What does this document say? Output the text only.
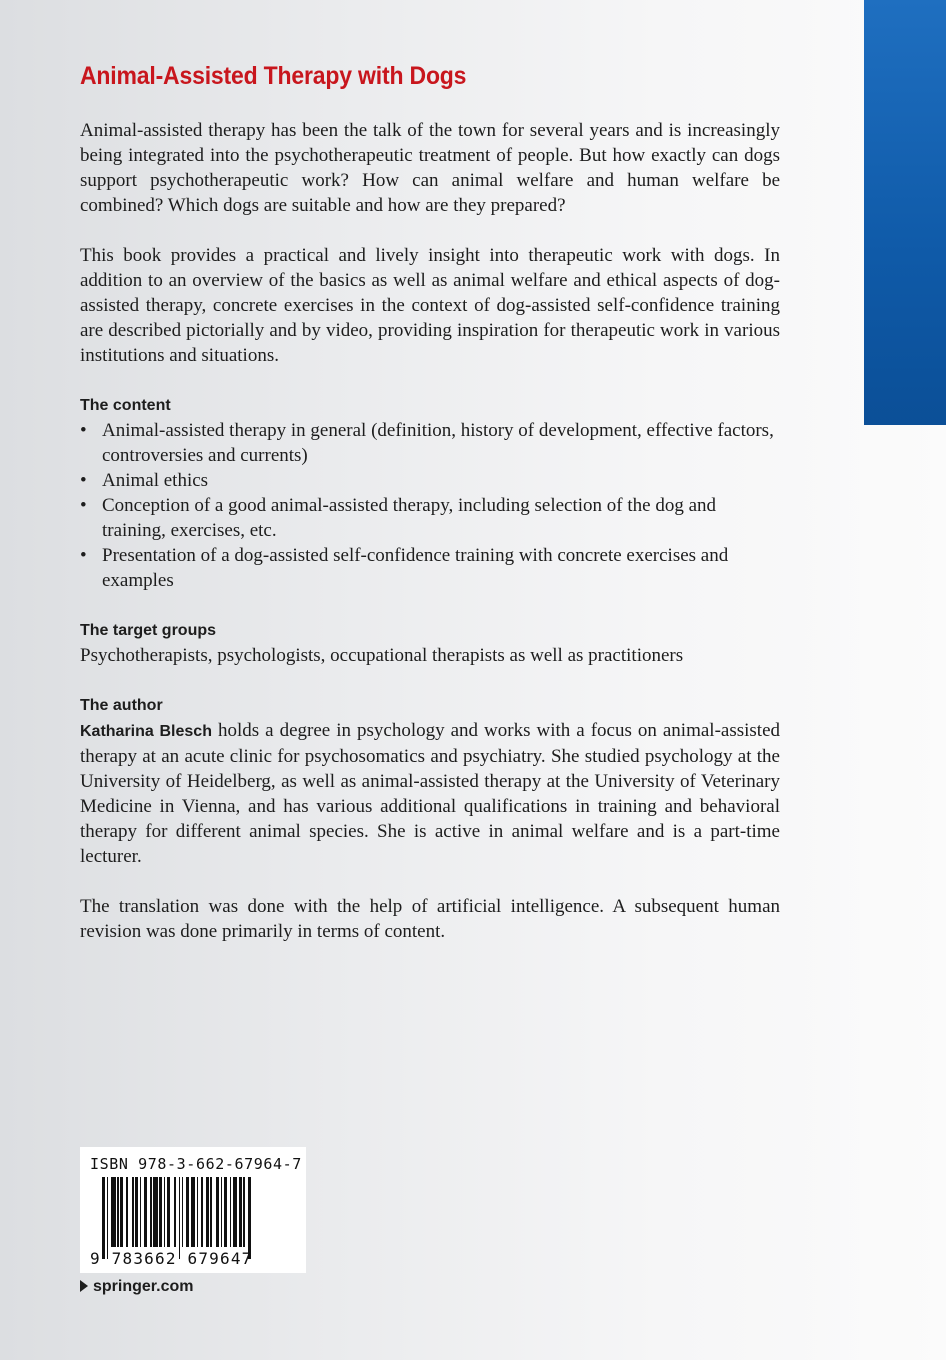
Animal-Assisted Therapy with Dogs

Animal-assisted therapy has been the talk of the town for several years and is increasingly being integrated into the psychotherapeutic treatment of people. But how exactly can dogs support psychotherapeutic work? How can animal welfare and human welfare be combined? Which dogs are suitable and how are they prepared?

This book provides a practical and lively insight into therapeutic work with dogs. In addition to an overview of the basics as well as animal welfare and ethical aspects of dog-assisted therapy, concrete exercises in the context of dog-assisted self-confidence training are described pictorially and by video, providing inspiration for therapeutic work in various institutions and situations.

The content
• Animal-assisted therapy in general (definition, history of development, effective factors, controversies and currents)
• Animal ethics
• Conception of a good animal-assisted therapy, including selection of the dog and training, exercises, etc.
• Presentation of a dog-assisted self-confidence training with concrete exercises and examples
The target groups

Psychotherapists, psychologists, occupational therapists as well as practitioners

The author

Katharina Blesch holds a degree in psychology and works with a focus on animal-assisted therapy at an acute clinic for psychosomatics and psychiatry. She studied psychology at the University of Heidelberg, as well as animal-assisted therapy at the University of Veterinary Medicine in Vienna, and has various additional qualifications in training and behavioral therapy for different animal species. She is active in animal welfare and is a part-time lecturer.

The translation was done with the help of artificial intelligence. A subsequent human revision was done primarily in terms of content.

ISBN 978-3-662-67964-7
9 783662 679647
springer.com
